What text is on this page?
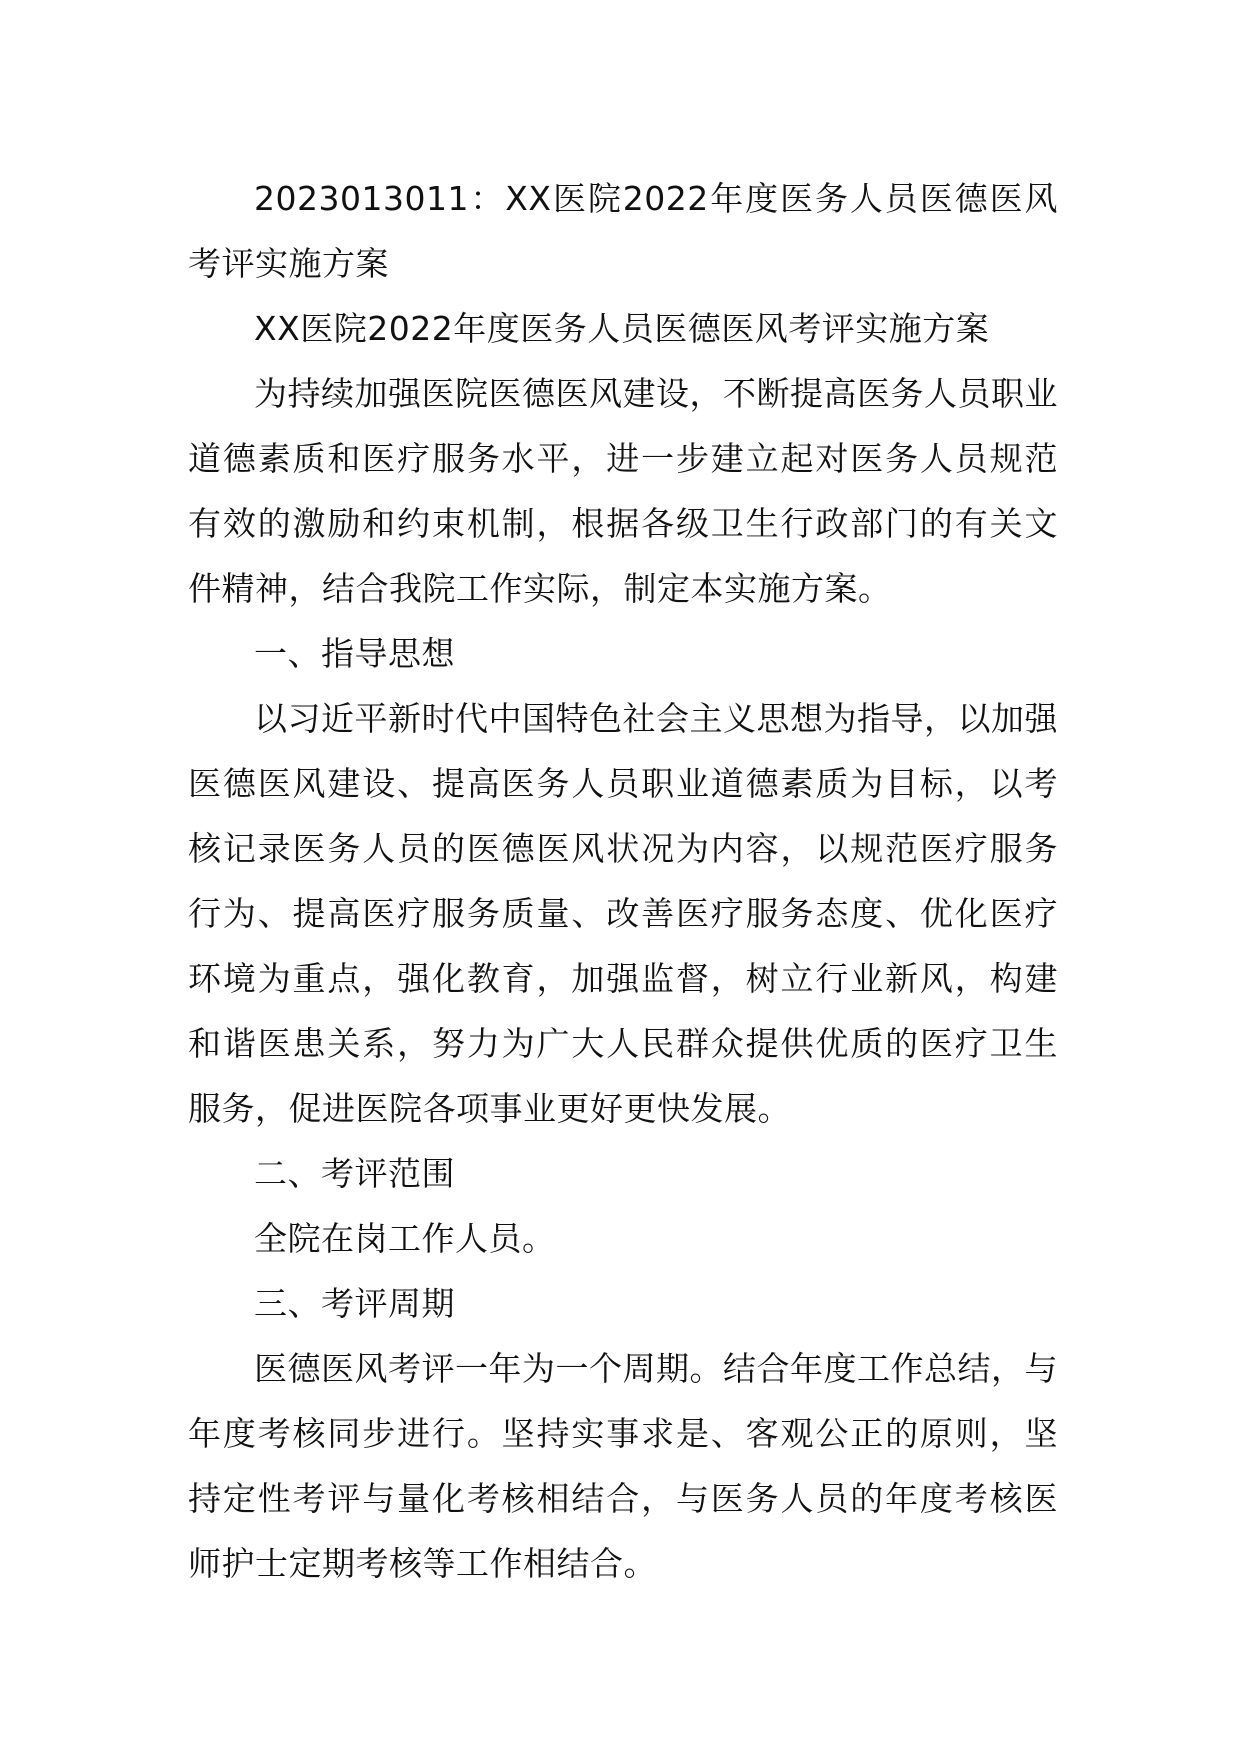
2023013011：XX医院2022年度医务人员医德医风考评实施方案

XX医院2022年度医务人员医德医风考评实施方案

为持续加强医院医德医风建设，不断提高医务人员职业道德素质和医疗服务水平，进一步建立起对医务人员规范有效的激励和约束机制，根据各级卫生行政部门的有关文件精神，结合我院工作实际，制定本实施方案。

一、指导思想

以习近平新时代中国特色社会主义思想为指导，以加强医德医风建设、提高医务人员职业道德素质为目标，以考核记录医务人员的医德医风状况为内容，以规范医疗服务行为、提高医疗服务质量、改善医疗服务态度、优化医疗环境为重点，强化教育，加强监督，树立行业新风，构建和谐医患关系，努力为广大人民群众提供优质的医疗卫生服务，促进医院各项事业更好更快发展。

二、考评范围

全院在岗工作人员。

三、考评周期

医德医风考评一年为一个周期。结合年度工作总结，与年度考核同步进行。坚持实事求是、客观公正的原则，坚持定性考评与量化考核相结合，与医务人员的年度考核医师护士定期考核等工作相结合。
